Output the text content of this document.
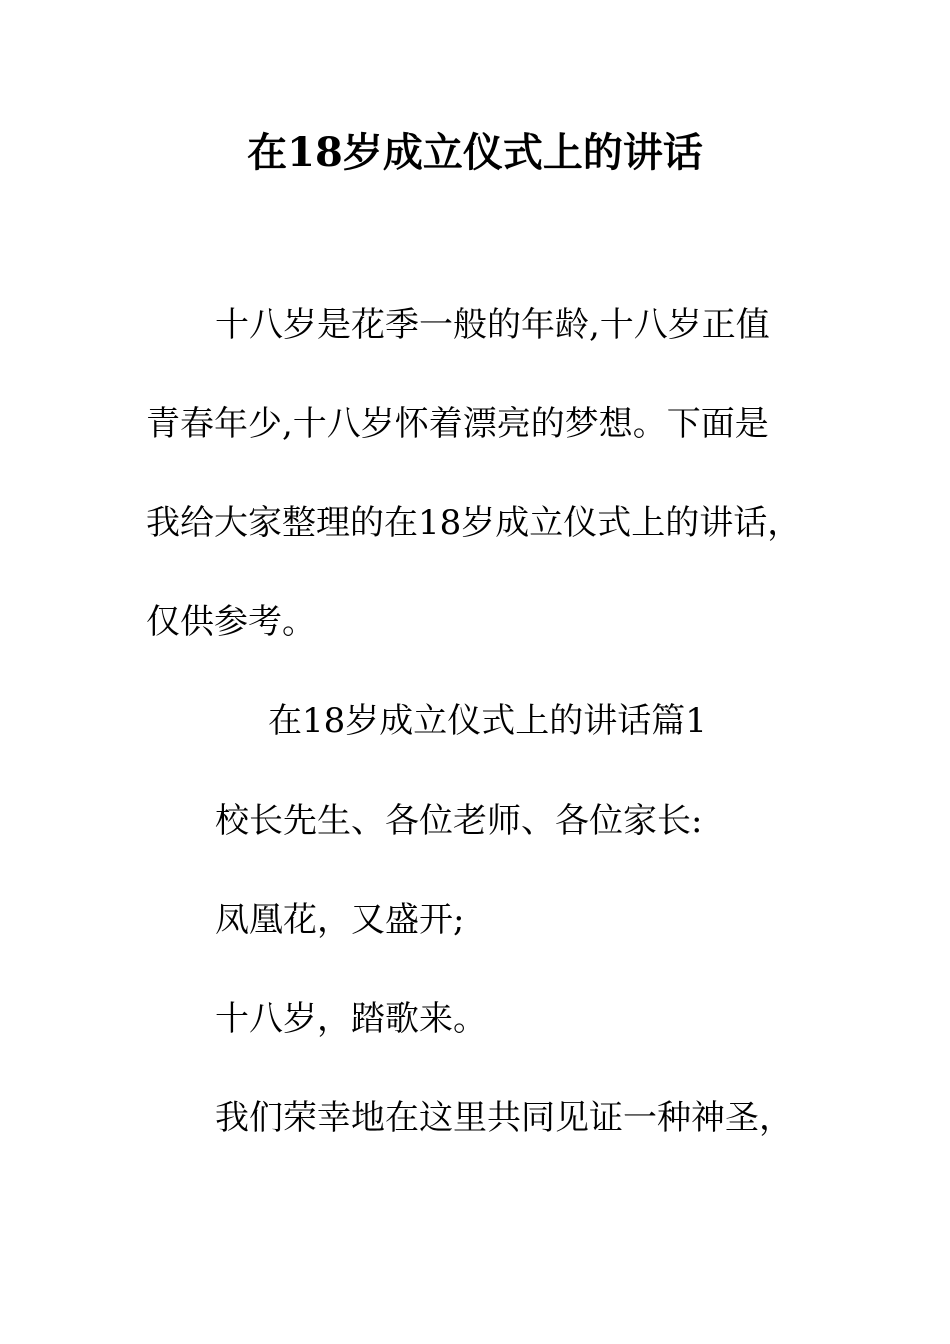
在18岁成立仪式上的讲话
十八岁是花季一般的年龄,十八岁正值
青春年少,十八岁怀着漂亮的梦想。下面是
我给大家整理的在18岁成立仪式上的讲话，
仅供参考。
在18岁成立仪式上的讲话篇1
校长先生、各位老师、各位家长:
凤凰花，又盛开;
十八岁，踏歌来。
我们荣幸地在这里共同见证一种神圣，
